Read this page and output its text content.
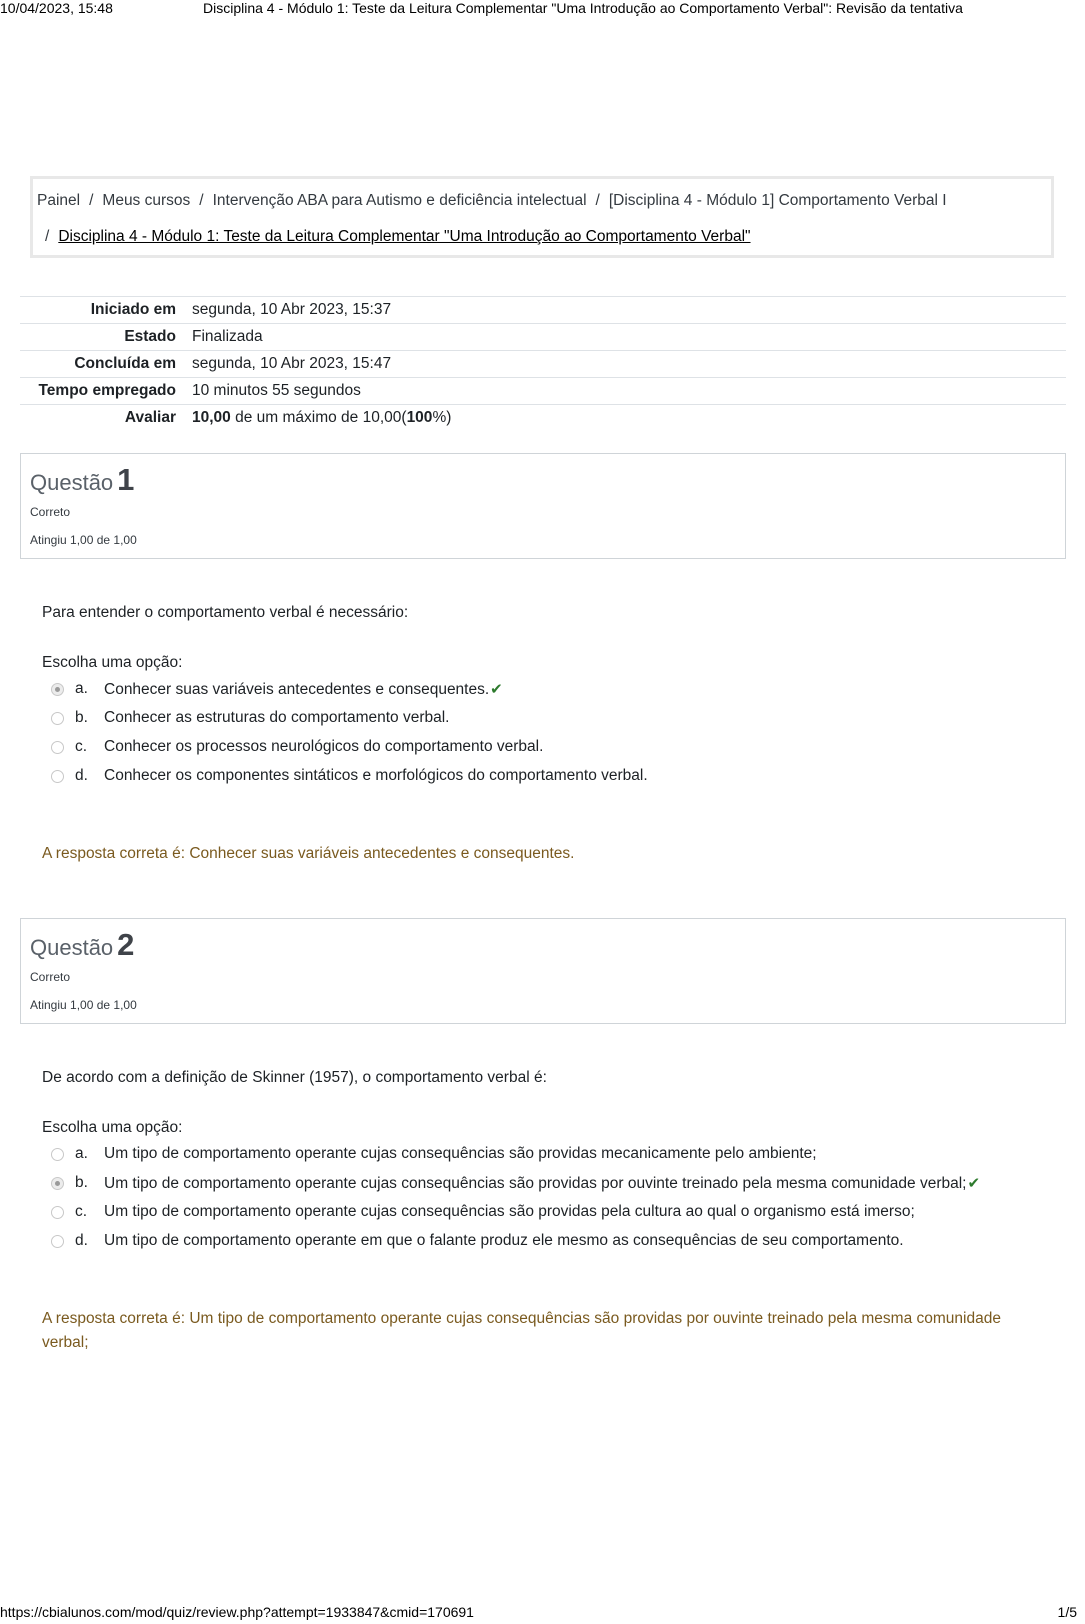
10/04/2023, 15:48	Disciplina 4 - Módulo 1: Teste da Leitura Complementar "Uma Introdução ao Comportamento Verbal": Revisão da tentativa
Painel / Meus cursos / Intervenção ABA para Autismo e deficiência intelectual / [Disciplina 4 - Módulo 1] Comportamento Verbal I
/ Disciplina 4 - Módulo 1: Teste da Leitura Complementar "Uma Introdução ao Comportamento Verbal"
Iniciado em	segunda, 10 Abr 2023, 15:37
Estado	Finalizada
Concluída em	segunda, 10 Abr 2023, 15:47
Tempo empregado	10 minutos 55 segundos
Avaliar	10,00 de um máximo de 10,00(100%)
Questão 1
Correto
Atingiu 1,00 de 1,00
Para entender o comportamento verbal é necessário:
Escolha uma opção:
a. Conhecer suas variáveis antecedentes e consequentes.✔
b. Conhecer as estruturas do comportamento verbal.
c. Conhecer os processos neurológicos do comportamento verbal.
d. Conhecer os componentes sintáticos e morfológicos do comportamento verbal.
A resposta correta é: Conhecer suas variáveis antecedentes e consequentes.
Questão 2
Correto
Atingiu 1,00 de 1,00
De acordo com a definição de Skinner (1957), o comportamento verbal é:
Escolha uma opção:
a. Um tipo de comportamento operante cujas consequências são providas mecanicamente pelo ambiente;
b. Um tipo de comportamento operante cujas consequências são providas por ouvinte treinado pela mesma comunidade verbal;✔
c. Um tipo de comportamento operante cujas consequências são providas pela cultura ao qual o organismo está imerso;
d. Um tipo de comportamento operante em que o falante produz ele mesmo as consequências de seu comportamento.
A resposta correta é: Um tipo de comportamento operante cujas consequências são providas por ouvinte treinado pela mesma comunidade verbal;
https://cbialunos.com/mod/quiz/review.php?attempt=1933847&cmid=170691	1/5
